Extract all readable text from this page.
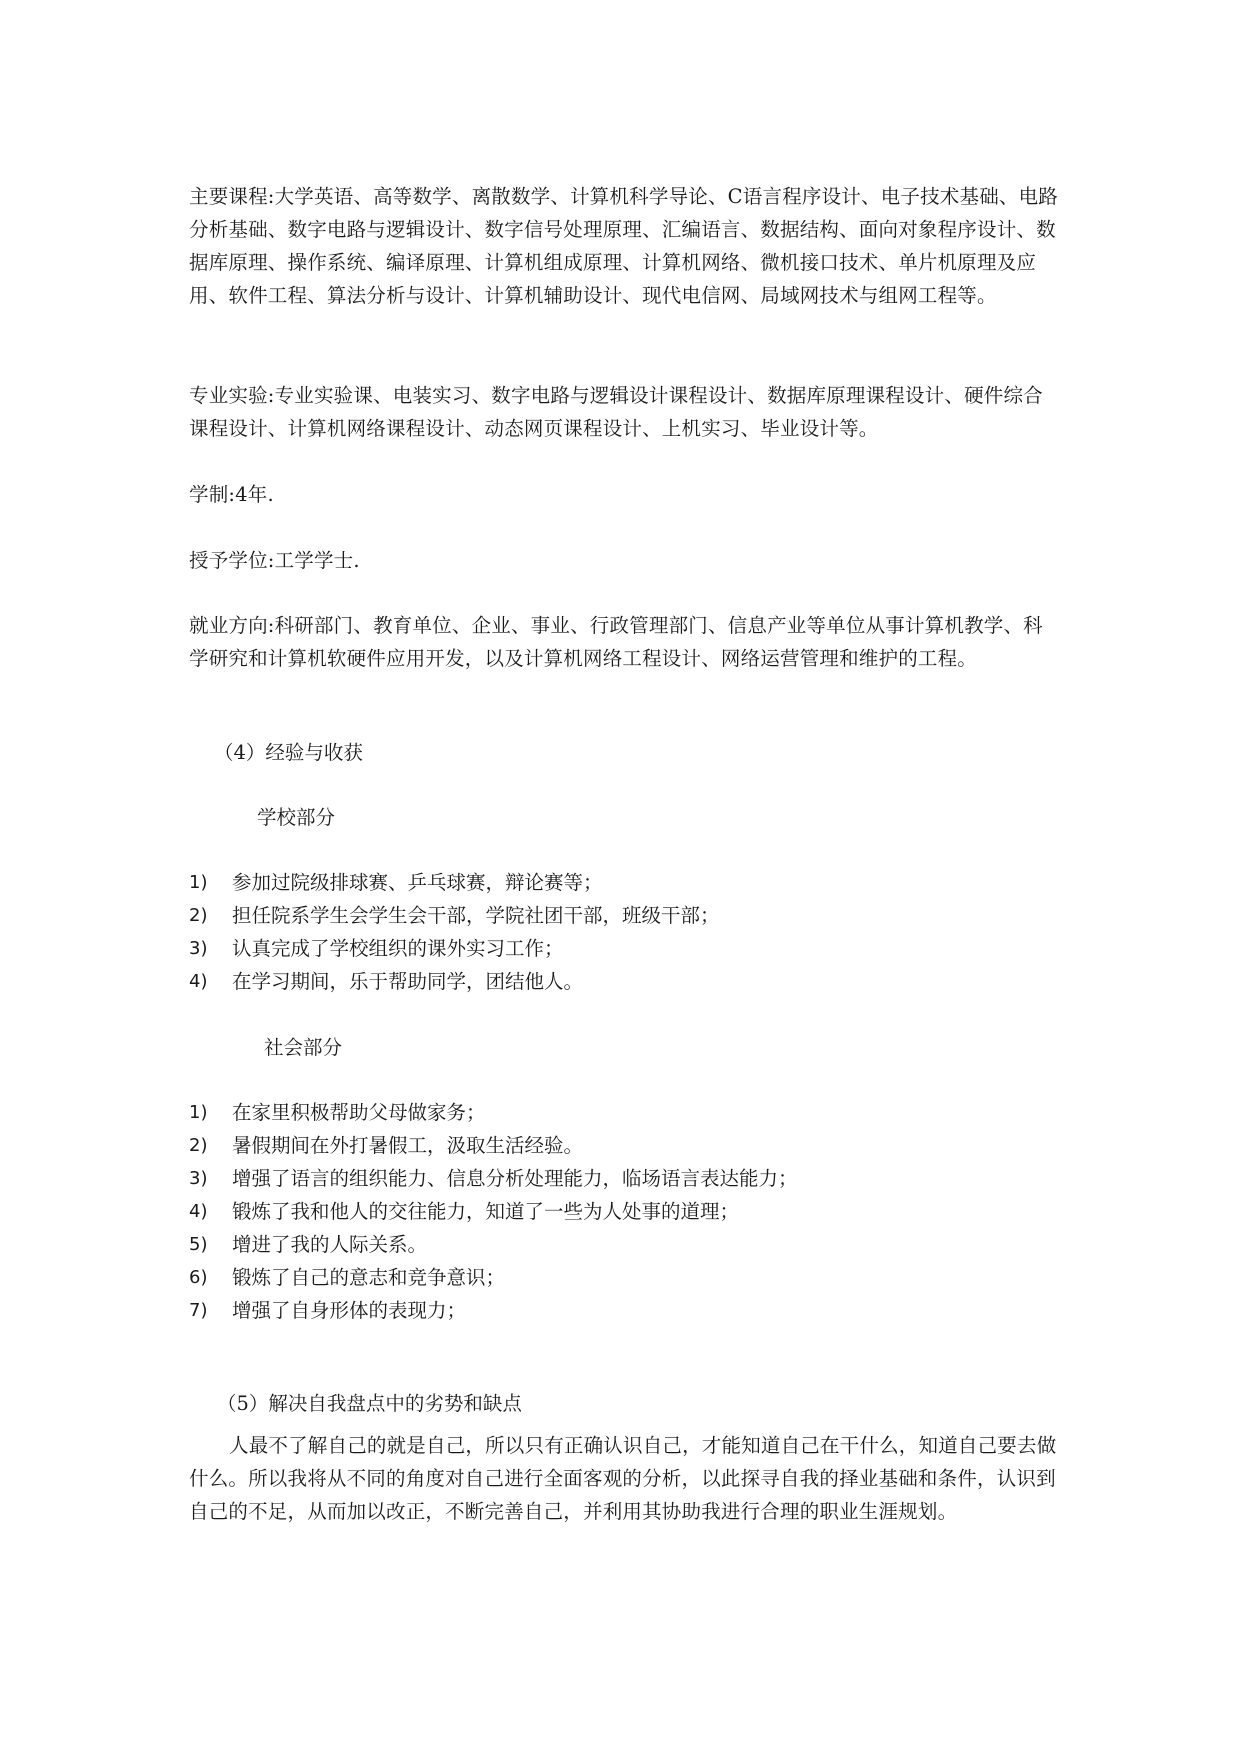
主要课程:大学英语、高等数学、离散数学、计算机科学导论、C语言程序设计、电子技术基础、电路分析基础、数字电路与逻辑设计、数字信号处理原理、汇编语言、数据结构、面向对象程序设计、数据库原理、操作系统、编译原理、计算机组成原理、计算机网络、微机接口技术、单片机原理及应用、软件工程、算法分析与设计、计算机辅助设计、现代电信网、局域网技术与组网工程等。

专业实验:专业实验课、电装实习、数字电路与逻辑设计课程设计、数据库原理课程设计、硬件综合课程设计、计算机网络课程设计、动态网页课程设计、上机实习、毕业设计等。

学制:4年.

授予学位:工学学士.

就业方向:科研部门、教育单位、企业、事业、行政管理部门、信息产业等单位从事计算机教学、科学研究和计算机软硬件应用开发，以及计算机网络工程设计、网络运营管理和维护的工程。

（4）经验与收获

学校部分

1)	参加过院级排球赛、乒乓球赛，辩论赛等；
2)	担任院系学生会学生会干部，学院社团干部，班级干部；
3)	认真完成了学校组织的课外实习工作；
4)	在学习期间，乐于帮助同学，团结他人。

社会部分

1)	在家里积极帮助父母做家务；
2)	暑假期间在外打暑假工，汲取生活经验。
3)	增强了语言的组织能力、信息分析处理能力，临场语言表达能力；
4)	锻炼了我和他人的交往能力，知道了一些为人处事的道理；
5)	增进了我的人际关系。
6)	锻炼了自己的意志和竞争意识；
7)	增强了自身形体的表现力；

（5）解决自我盘点中的劣势和缺点

人最不了解自己的就是自己，所以只有正确认识自己，才能知道自己在干什么，知道自己要去做什么。所以我将从不同的角度对自己进行全面客观的分析，以此探寻自我的择业基础和条件，认识到自己的不足，从而加以改正，不断完善自己，并利用其协助我进行合理的职业生涯规划。
